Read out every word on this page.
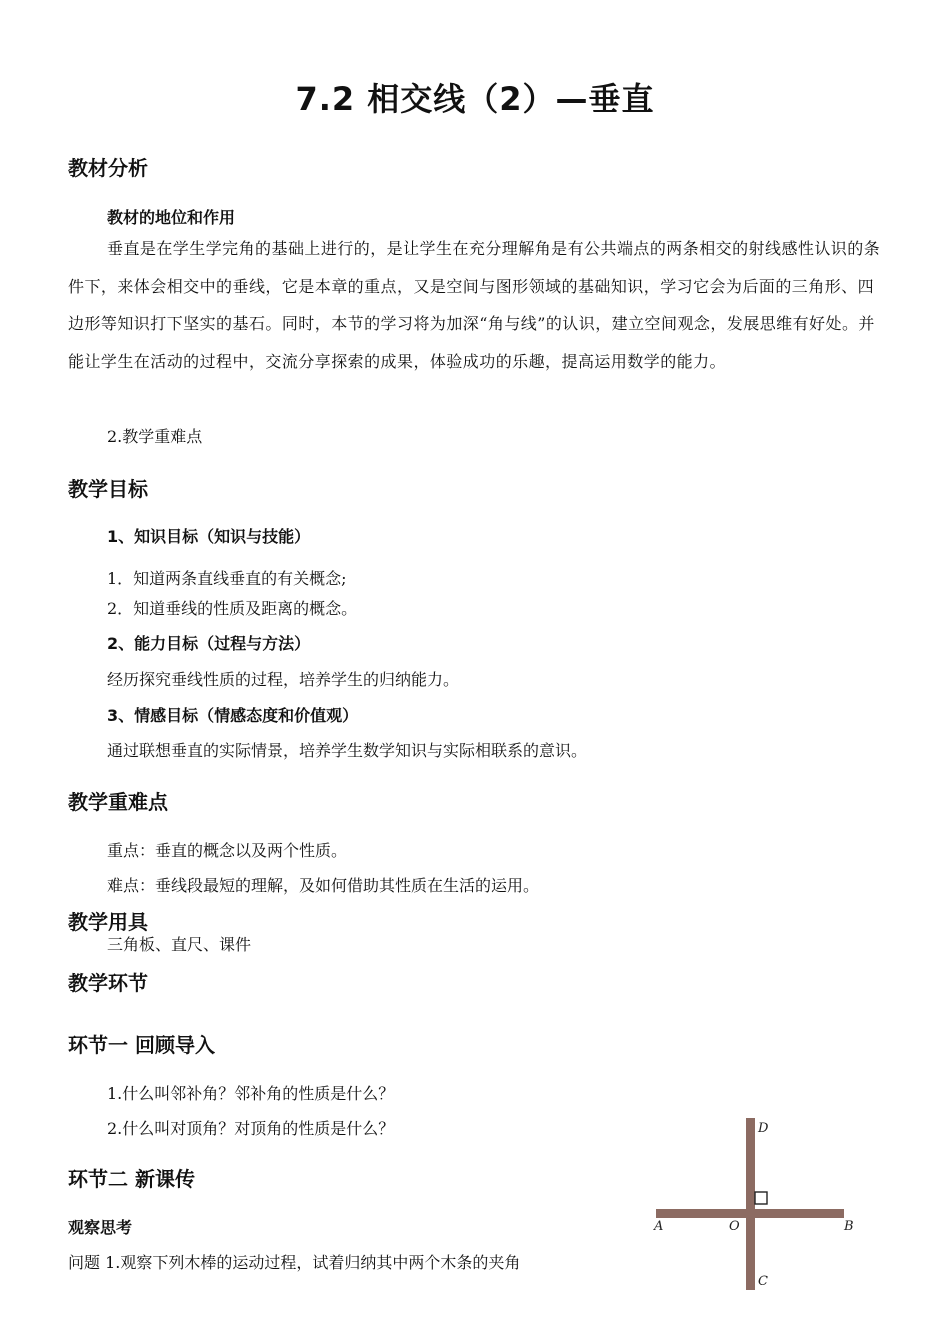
7.2 相交线（2）—垂直
教材分析
教材的地位和作用

垂直是在学生学完角的基础上进行的，是让学生在充分理解角是有公共端点的两条相交的射线感性认识的条件下，来体会相交中的垂线，它是本章的重点，又是空间与图形领域的基础知识，学习它会为后面的三角形、四边形等知识打下坚实的基石。同时，本节的学习将为加深“角与线”的认识，建立空间观念，发展思维有好处。并能让学生在活动的过程中，交流分享探索的成果，体验成功的乐趣，提高运用数学的能力。

2.教学重难点

教学目标
1、知识目标（知识与技能）

1．知道两条直线垂直的有关概念;

2．知道垂线的性质及距离的概念。

2、能力目标（过程与方法）

经历探究垂线性质的过程，培养学生的归纳能力。

3、情感目标（情感态度和价值观）

通过联想垂直的实际情景，培养学生数学知识与实际相联系的意识。

教学重难点

重点：垂直的概念以及两个性质。

难点：垂线段最短的理解，及如何借助其性质在生活的运用。

教学用具

三角板、直尺、课件

教学环节
环节一 回顾导入

1.什么叫邻补角？邻补角的性质是什么？

2.什么叫对顶角？对顶角的性质是什么？

环节二 新课传
观察思考

问题 1.观察下列木棒的运动过程，试着归纳其中两个木条的夹角

D
A	O	B
C
